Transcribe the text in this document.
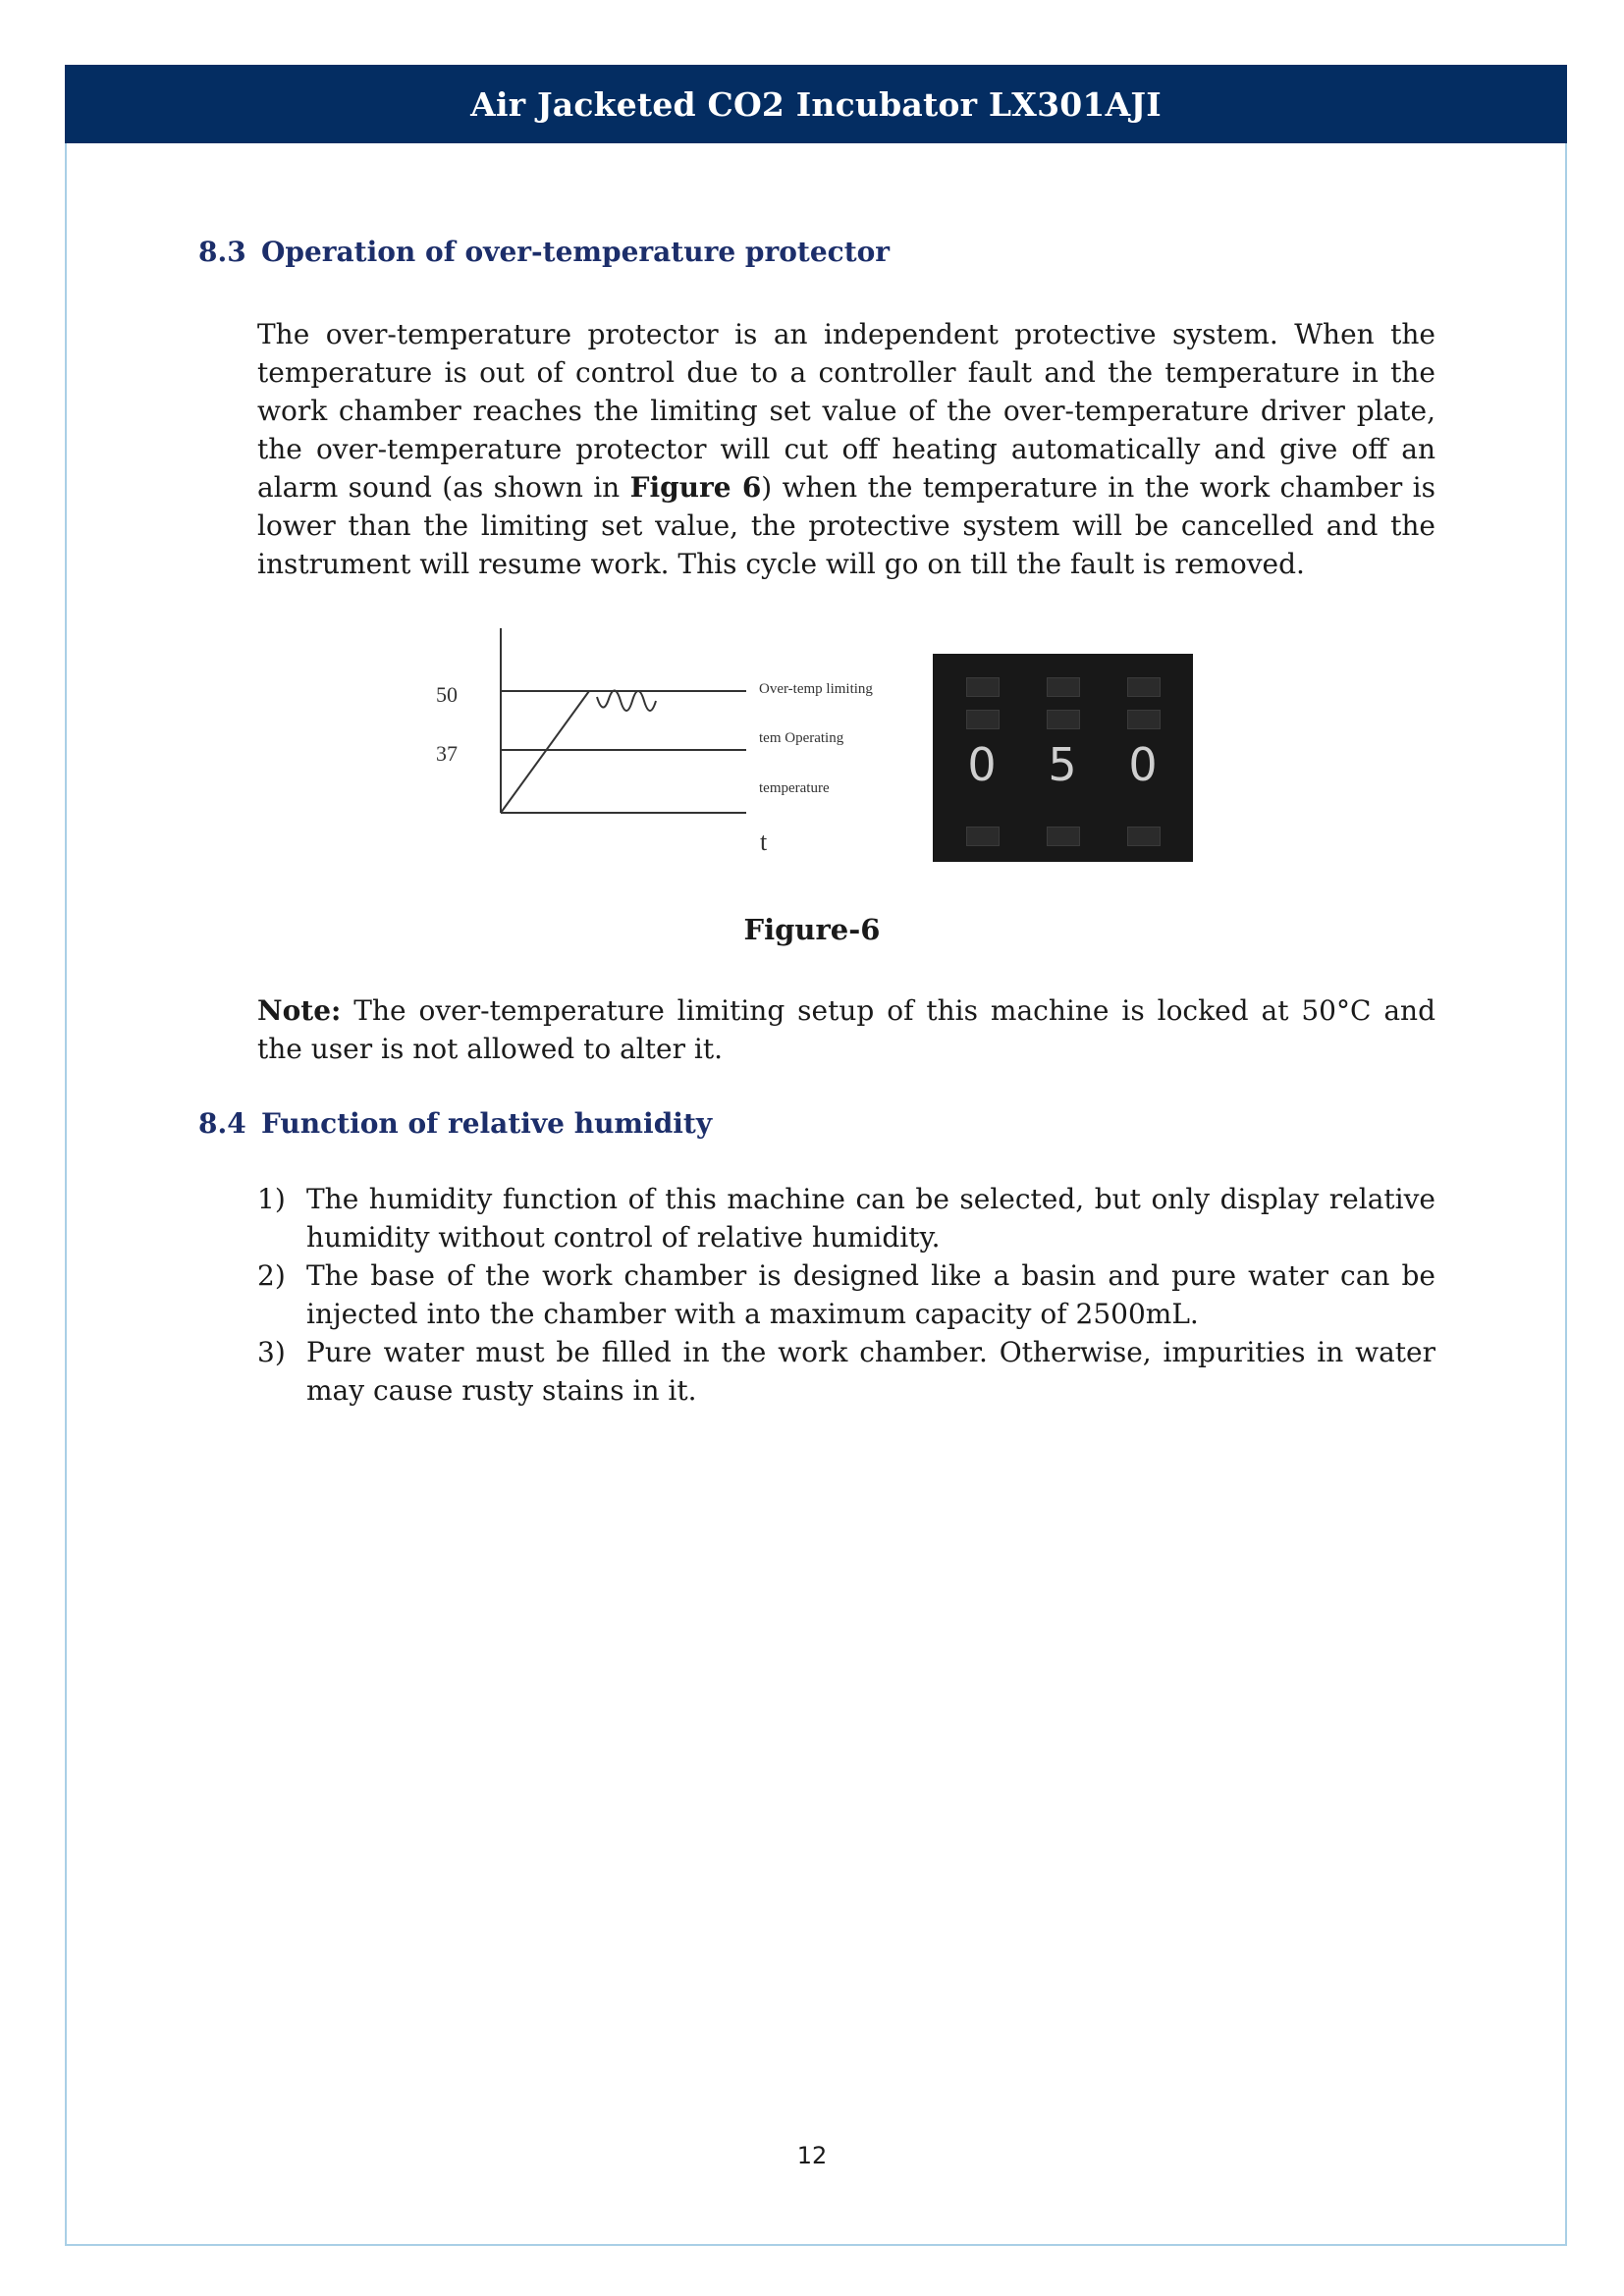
Air Jacketed CO2 Incubator LX301AJI
8.3 Operation of over-temperature protector
The over-temperature protector is an independent protective system. When the temperature is out of control due to a controller fault and the temperature in the work chamber reaches the limiting set value of the over-temperature driver plate, the over-temperature protector will cut off heating automatically and give off an alarm sound (as shown in Figure 6) when the temperature in the work chamber is lower than the limiting set value, the protective system will be cancelled and the instrument will resume work. This cycle will go on till the fault is removed.
50
37
Over-temp limiting
tem Operating
temperature
t
0 5 0
Figure-6
Note: The over-temperature limiting setup of this machine is locked at 50°C and the user is not allowed to alter it.
8.4 Function of relative humidity
1) The humidity function of this machine can be selected, but only display relative humidity without control of relative humidity.
2) The base of the work chamber is designed like a basin and pure water can be injected into the chamber with a maximum capacity of 2500mL.
3) Pure water must be filled in the work chamber. Otherwise, impurities in water may cause rusty stains in it.
12
